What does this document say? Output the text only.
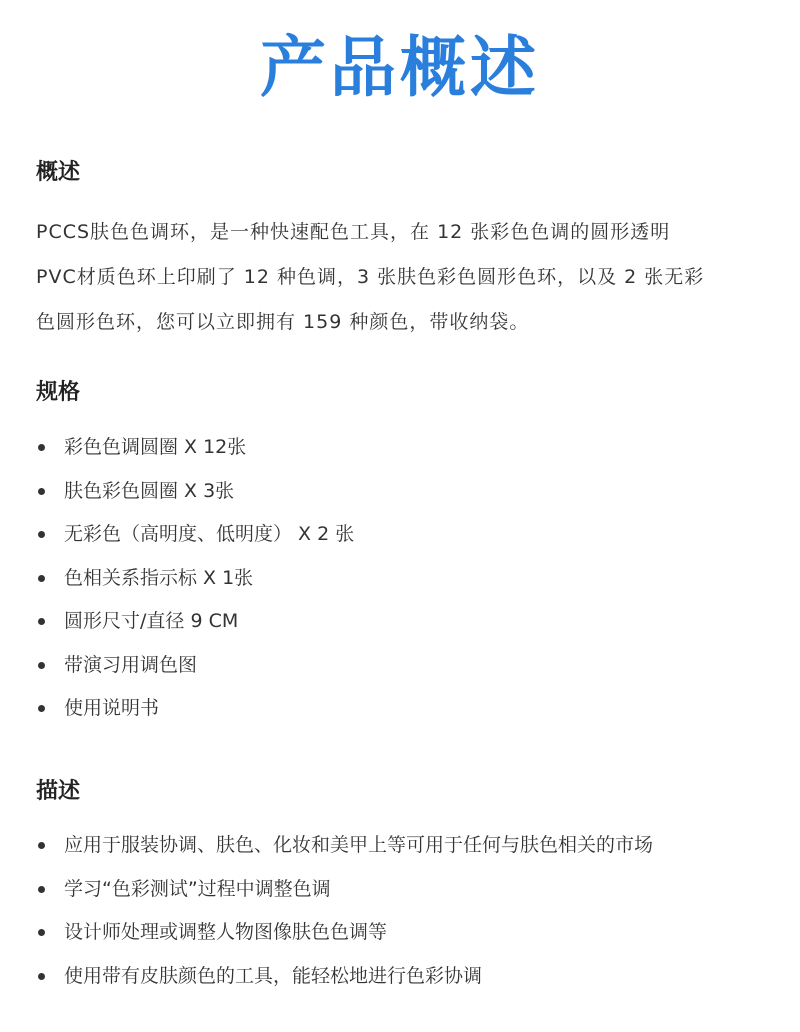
产品概述
概述
PCCS肤色色调环，是一种快速配色工具，在 12 张彩色色调的圆形透明
PVC材质色环上印刷了 12 种色调，3 张肤色彩色圆形色环，以及 2 张无彩
色圆形色环，您可以立即拥有 159 种颜色，带收纳袋。
规格
彩色色调圆圈 X 12张
肤色彩色圆圈 X 3张
无彩色（高明度、低明度） X 2 张
色相关系指示标 X 1张
圆形尺寸/直径 9 CM
带演习用调色图
使用说明书
描述
应用于服装协调、肤色、化妆和美甲上等可用于任何与肤色相关的市场
学习“色彩测试”过程中调整色调
设计师处理或调整人物图像肤色色调等
使用带有皮肤颜色的工具，能轻松地进行色彩协调
